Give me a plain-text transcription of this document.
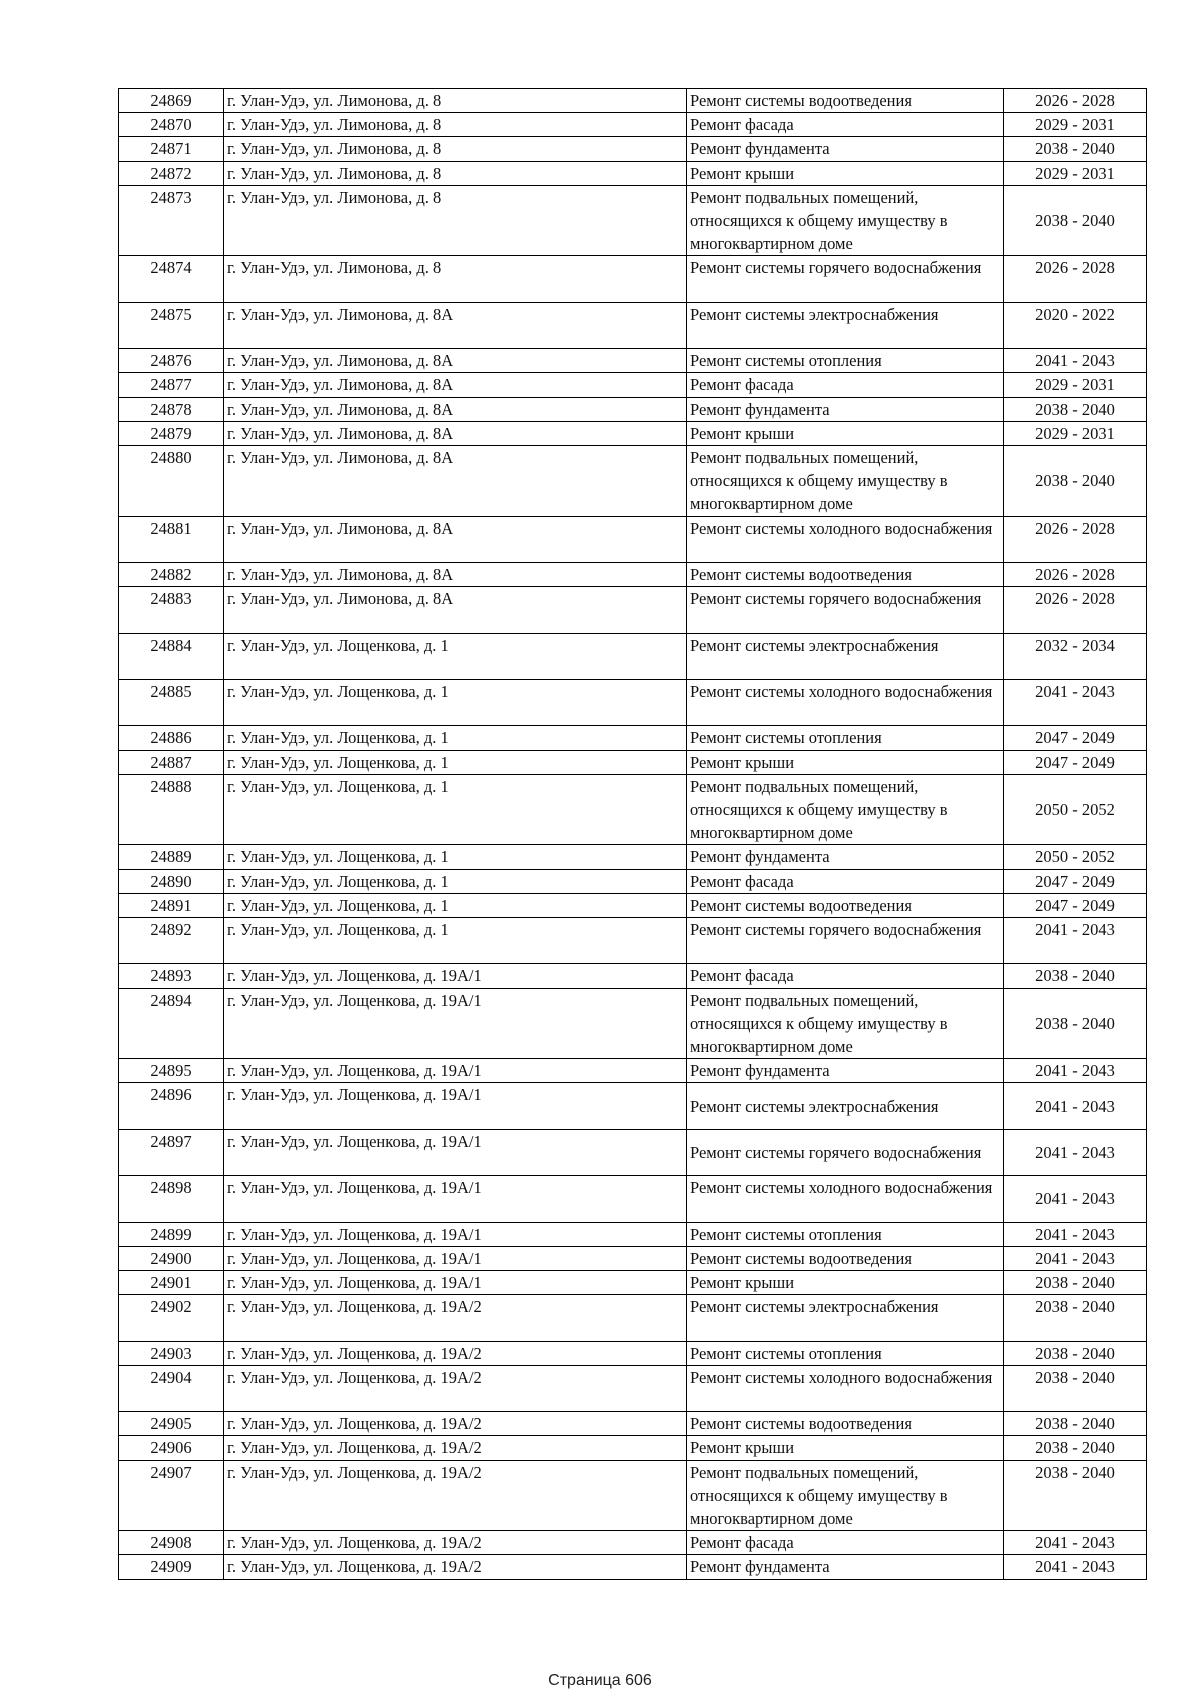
24869	г. Улан-Удэ, ул. Лимонова, д. 8	Ремонт системы водоотведения	2026 - 2028
24870	г. Улан-Удэ, ул. Лимонова, д. 8	Ремонт фасада	2029 - 2031
24871	г. Улан-Удэ, ул. Лимонова, д. 8	Ремонт фундамента	2038 - 2040
24872	г. Улан-Удэ, ул. Лимонова, д. 8	Ремонт крыши	2029 - 2031
24873	г. Улан-Удэ, ул. Лимонова, д. 8	Ремонт подвальных помещений, относящихся к общему имуществу в многоквартирном доме	2038 - 2040
24874	г. Улан-Удэ, ул. Лимонова, д. 8	Ремонт системы горячего водоснабжения	2026 - 2028
24875	г. Улан-Удэ, ул. Лимонова, д. 8А	Ремонт системы электроснабжения	2020 - 2022
24876	г. Улан-Удэ, ул. Лимонова, д. 8А	Ремонт системы отопления	2041 - 2043
24877	г. Улан-Удэ, ул. Лимонова, д. 8А	Ремонт фасада	2029 - 2031
24878	г. Улан-Удэ, ул. Лимонова, д. 8А	Ремонт фундамента	2038 - 2040
24879	г. Улан-Удэ, ул. Лимонова, д. 8А	Ремонт крыши	2029 - 2031
24880	г. Улан-Удэ, ул. Лимонова, д. 8А	Ремонт подвальных помещений, относящихся к общему имуществу в многоквартирном доме	2038 - 2040
24881	г. Улан-Удэ, ул. Лимонова, д. 8А	Ремонт системы холодного водоснабжения	2026 - 2028
24882	г. Улан-Удэ, ул. Лимонова, д. 8А	Ремонт системы водоотведения	2026 - 2028
24883	г. Улан-Удэ, ул. Лимонова, д. 8А	Ремонт системы горячего водоснабжения	2026 - 2028
24884	г. Улан-Удэ, ул. Лощенкова, д. 1	Ремонт системы электроснабжения	2032 - 2034
24885	г. Улан-Удэ, ул. Лощенкова, д. 1	Ремонт системы холодного водоснабжения	2041 - 2043
24886	г. Улан-Удэ, ул. Лощенкова, д. 1	Ремонт системы отопления	2047 - 2049
24887	г. Улан-Удэ, ул. Лощенкова, д. 1	Ремонт крыши	2047 - 2049
24888	г. Улан-Удэ, ул. Лощенкова, д. 1	Ремонт подвальных помещений, относящихся к общему имуществу в многоквартирном доме	2050 - 2052
24889	г. Улан-Удэ, ул. Лощенкова, д. 1	Ремонт фундамента	2050 - 2052
24890	г. Улан-Удэ, ул. Лощенкова, д. 1	Ремонт фасада	2047 - 2049
24891	г. Улан-Удэ, ул. Лощенкова, д. 1	Ремонт системы водоотведения	2047 - 2049
24892	г. Улан-Удэ, ул. Лощенкова, д. 1	Ремонт системы горячего водоснабжения	2041 - 2043
24893	г. Улан-Удэ, ул. Лощенкова, д. 19А/1	Ремонт фасада	2038 - 2040
24894	г. Улан-Удэ, ул. Лощенкова, д. 19А/1	Ремонт подвальных помещений, относящихся к общему имуществу в многоквартирном доме	2038 - 2040
24895	г. Улан-Удэ, ул. Лощенкова, д. 19А/1	Ремонт фундамента	2041 - 2043
24896	г. Улан-Удэ, ул. Лощенкова, д. 19А/1	Ремонт системы электроснабжения	2041 - 2043
24897	г. Улан-Удэ, ул. Лощенкова, д. 19А/1	Ремонт системы горячего водоснабжения	2041 - 2043
24898	г. Улан-Удэ, ул. Лощенкова, д. 19А/1	Ремонт системы холодного водоснабжения	2041 - 2043
24899	г. Улан-Удэ, ул. Лощенкова, д. 19А/1	Ремонт системы отопления	2041 - 2043
24900	г. Улан-Удэ, ул. Лощенкова, д. 19А/1	Ремонт системы водоотведения	2041 - 2043
24901	г. Улан-Удэ, ул. Лощенкова, д. 19А/1	Ремонт крыши	2038 - 2040
24902	г. Улан-Удэ, ул. Лощенкова, д. 19А/2	Ремонт системы электроснабжения	2038 - 2040
24903	г. Улан-Удэ, ул. Лощенкова, д. 19А/2	Ремонт системы отопления	2038 - 2040
24904	г. Улан-Удэ, ул. Лощенкова, д. 19А/2	Ремонт системы холодного водоснабжения	2038 - 2040
24905	г. Улан-Удэ, ул. Лощенкова, д. 19А/2	Ремонт системы водоотведения	2038 - 2040
24906	г. Улан-Удэ, ул. Лощенкова, д. 19А/2	Ремонт крыши	2038 - 2040
24907	г. Улан-Удэ, ул. Лощенкова, д. 19А/2	Ремонт подвальных помещений, относящихся к общему имуществу в многоквартирном доме	2038 - 2040
24908	г. Улан-Удэ, ул. Лощенкова, д. 19А/2	Ремонт фасада	2041 - 2043
24909	г. Улан-Удэ, ул. Лощенкова, д. 19А/2	Ремонт фундамента	2041 - 2043
Страница 606
